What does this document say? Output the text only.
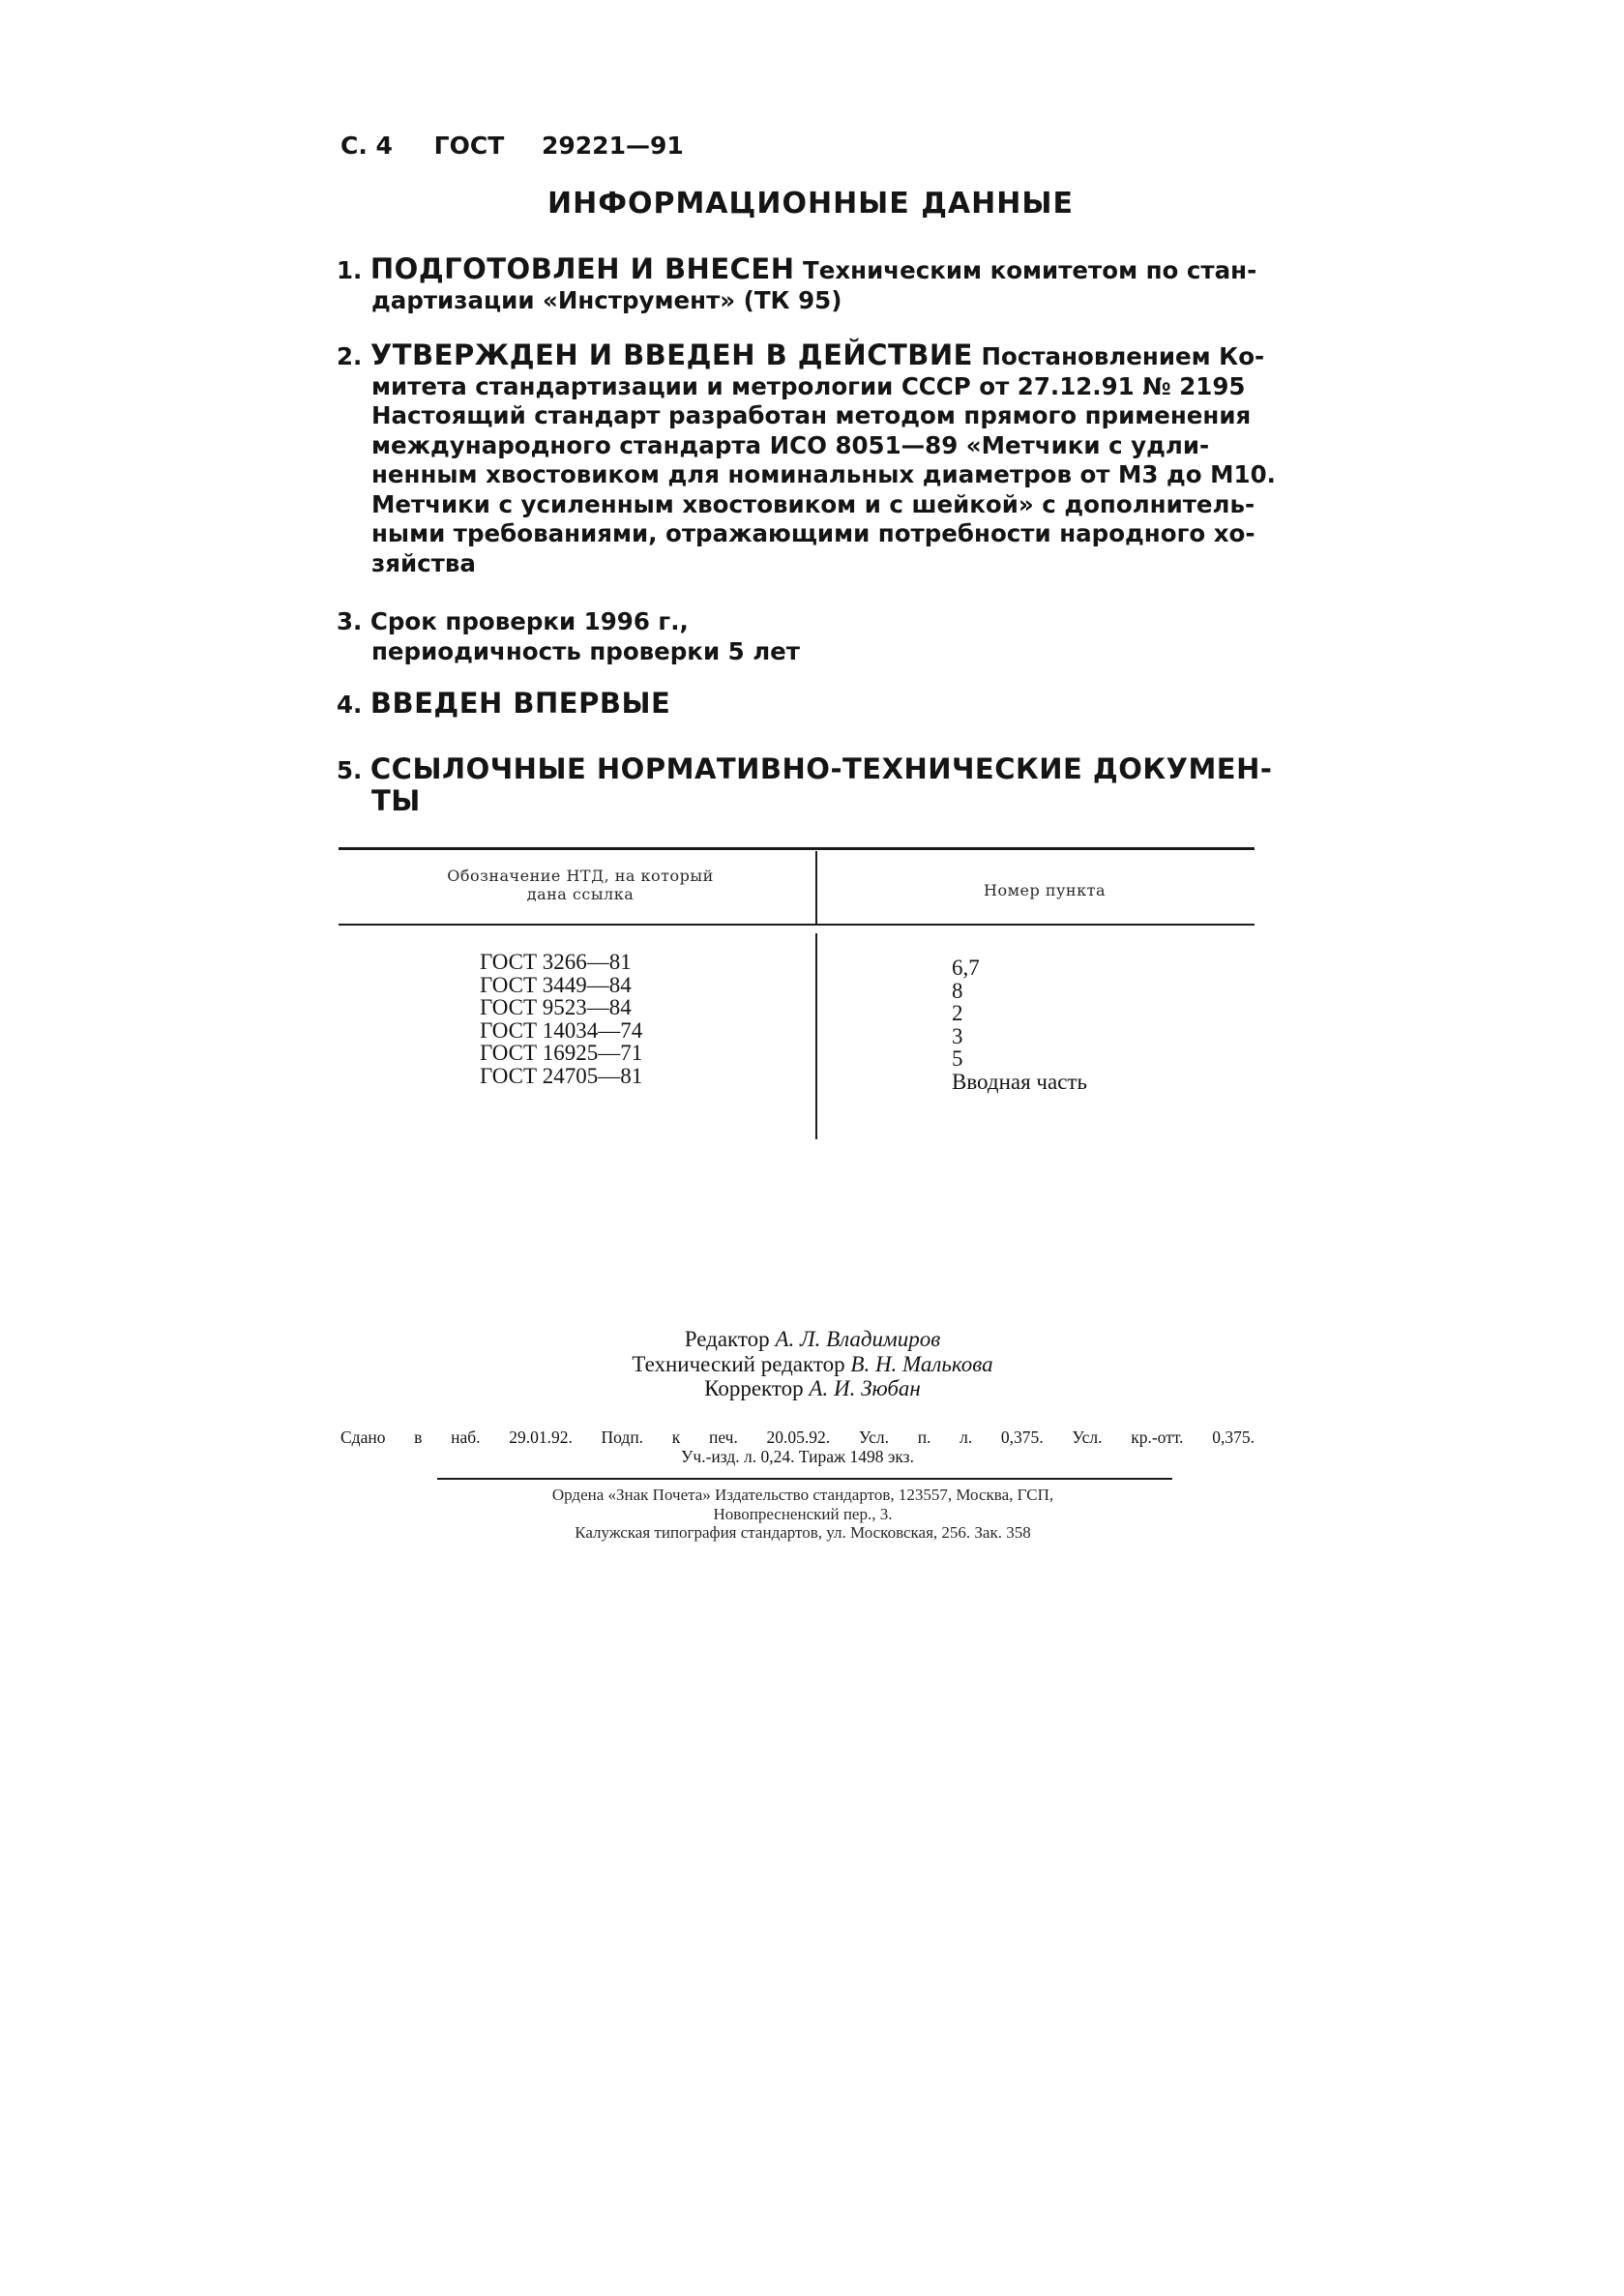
С. 4 ГОСТ 29221—91
ИНФОРМАЦИОННЫЕ ДАННЫЕ
1. ПОДГОТОВЛЕН И ВНЕСЕН Техническим комитетом по стан-
дартизации «Инструмент» (ТК 95)
2. УТВЕРЖДЕН И ВВЕДЕН В ДЕЙСТВИЕ Постановлением Ко-
митета стандартизации и метрологии СССР от 27.12.91 № 2195
Настоящий стандарт разработан методом прямого применения
международного стандарта ИСО 8051—89 «Метчики с удли-
ненным хвостовиком для номинальных диаметров от М3 до М10.
Метчики с усиленным хвостовиком и с шейкой» с дополнитель-
ными требованиями, отражающими потребности народного хо-
зяйства
3. Срок проверки 1996 г.,
периодичность проверки 5 лет
4. ВВЕДЕН ВПЕРВЫЕ
5. ССЫЛОЧНЫЕ НОРМАТИВНО-ТЕХНИЧЕСКИЕ ДОКУМЕН-
ТЫ
Обозначение НТД, на который
дана ссылка	Номер пункта
ГОСТ 3266—81
ГОСТ 3449—84
ГОСТ 9523—84
ГОСТ 14034—74
ГОСТ 16925—71
ГОСТ 24705—81
6,7
8
2
3
5
Вводная часть
Редактор А. Л. Владимиров
Технический редактор В. Н. Малькова
Корректор А. И. Зюбан
Сдано в наб. 29.01.92. Подп. к печ. 20.05.92. Усл. п. л. 0,375. Усл. кр.-отт. 0,375.
Уч.-изд. л. 0,24. Тираж 1498 экз.
Ордена «Знак Почета» Издательство стандартов, 123557, Москва, ГСП,
Новопресненский пер., 3.
Калужская типография стандартов, ул. Московская, 256. Зак. 358
